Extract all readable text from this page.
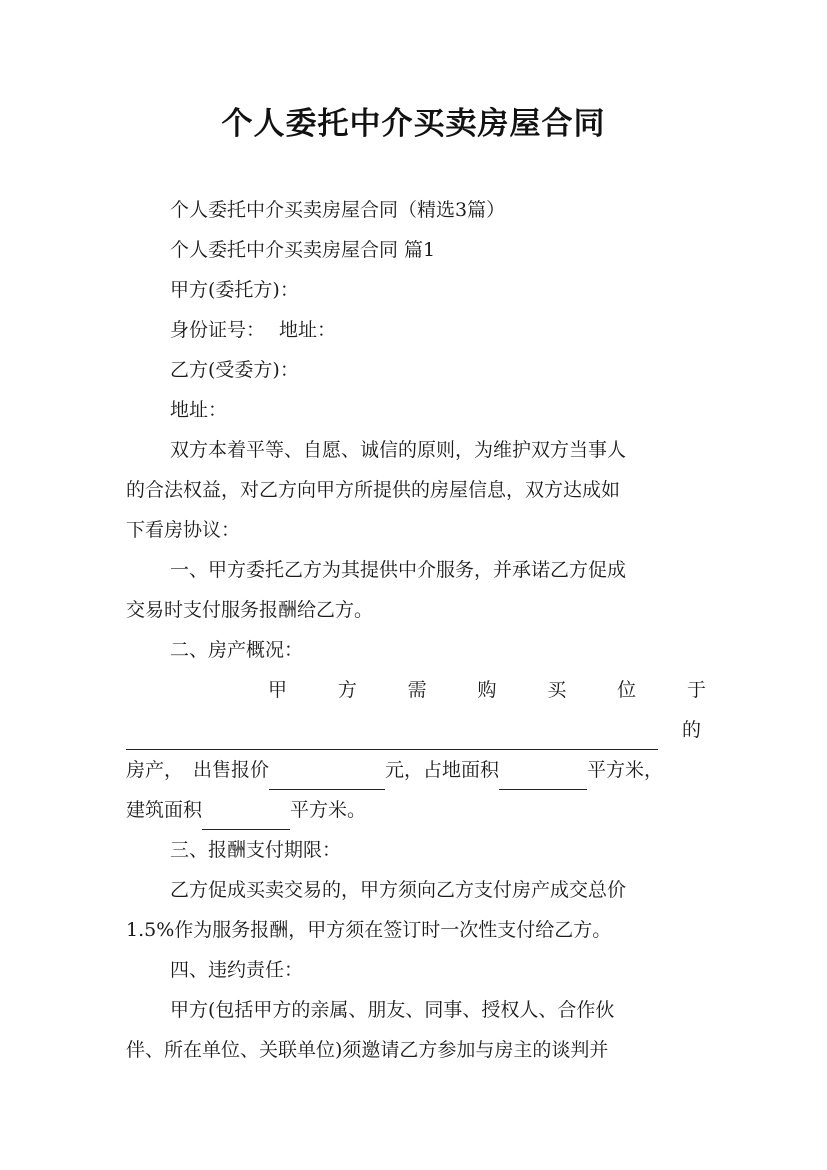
个人委托中介买卖房屋合同
个人委托中介买卖房屋合同（精选3篇）
个人委托中介买卖房屋合同 篇1
甲方(委托方)：
身份证号： 地址：
乙方(受委方)：
地址：
双方本着平等、自愿、诚信的原则，为维护双方当事人
的合法权益，对乙方向甲方所提供的房屋信息，双方达成如
下看房协议：
一、甲方委托乙方为其提供中介服务，并承诺乙方促成
交易时支付服务报酬给乙方。
二、房产概况：
甲	方	需	购	买	位	于
的
房产， 出售报价	元，占地面积	平方米，
建筑面积	平方米。
三、报酬支付期限：
乙方促成买卖交易的，甲方须向乙方支付房产成交总价
1.5%作为服务报酬，甲方须在签订时一次性支付给乙方。
四、违约责任：
甲方(包括甲方的亲属、朋友、同事、授权人、合作伙
伴、所在单位、关联单位)须邀请乙方参加与房主的谈判并
